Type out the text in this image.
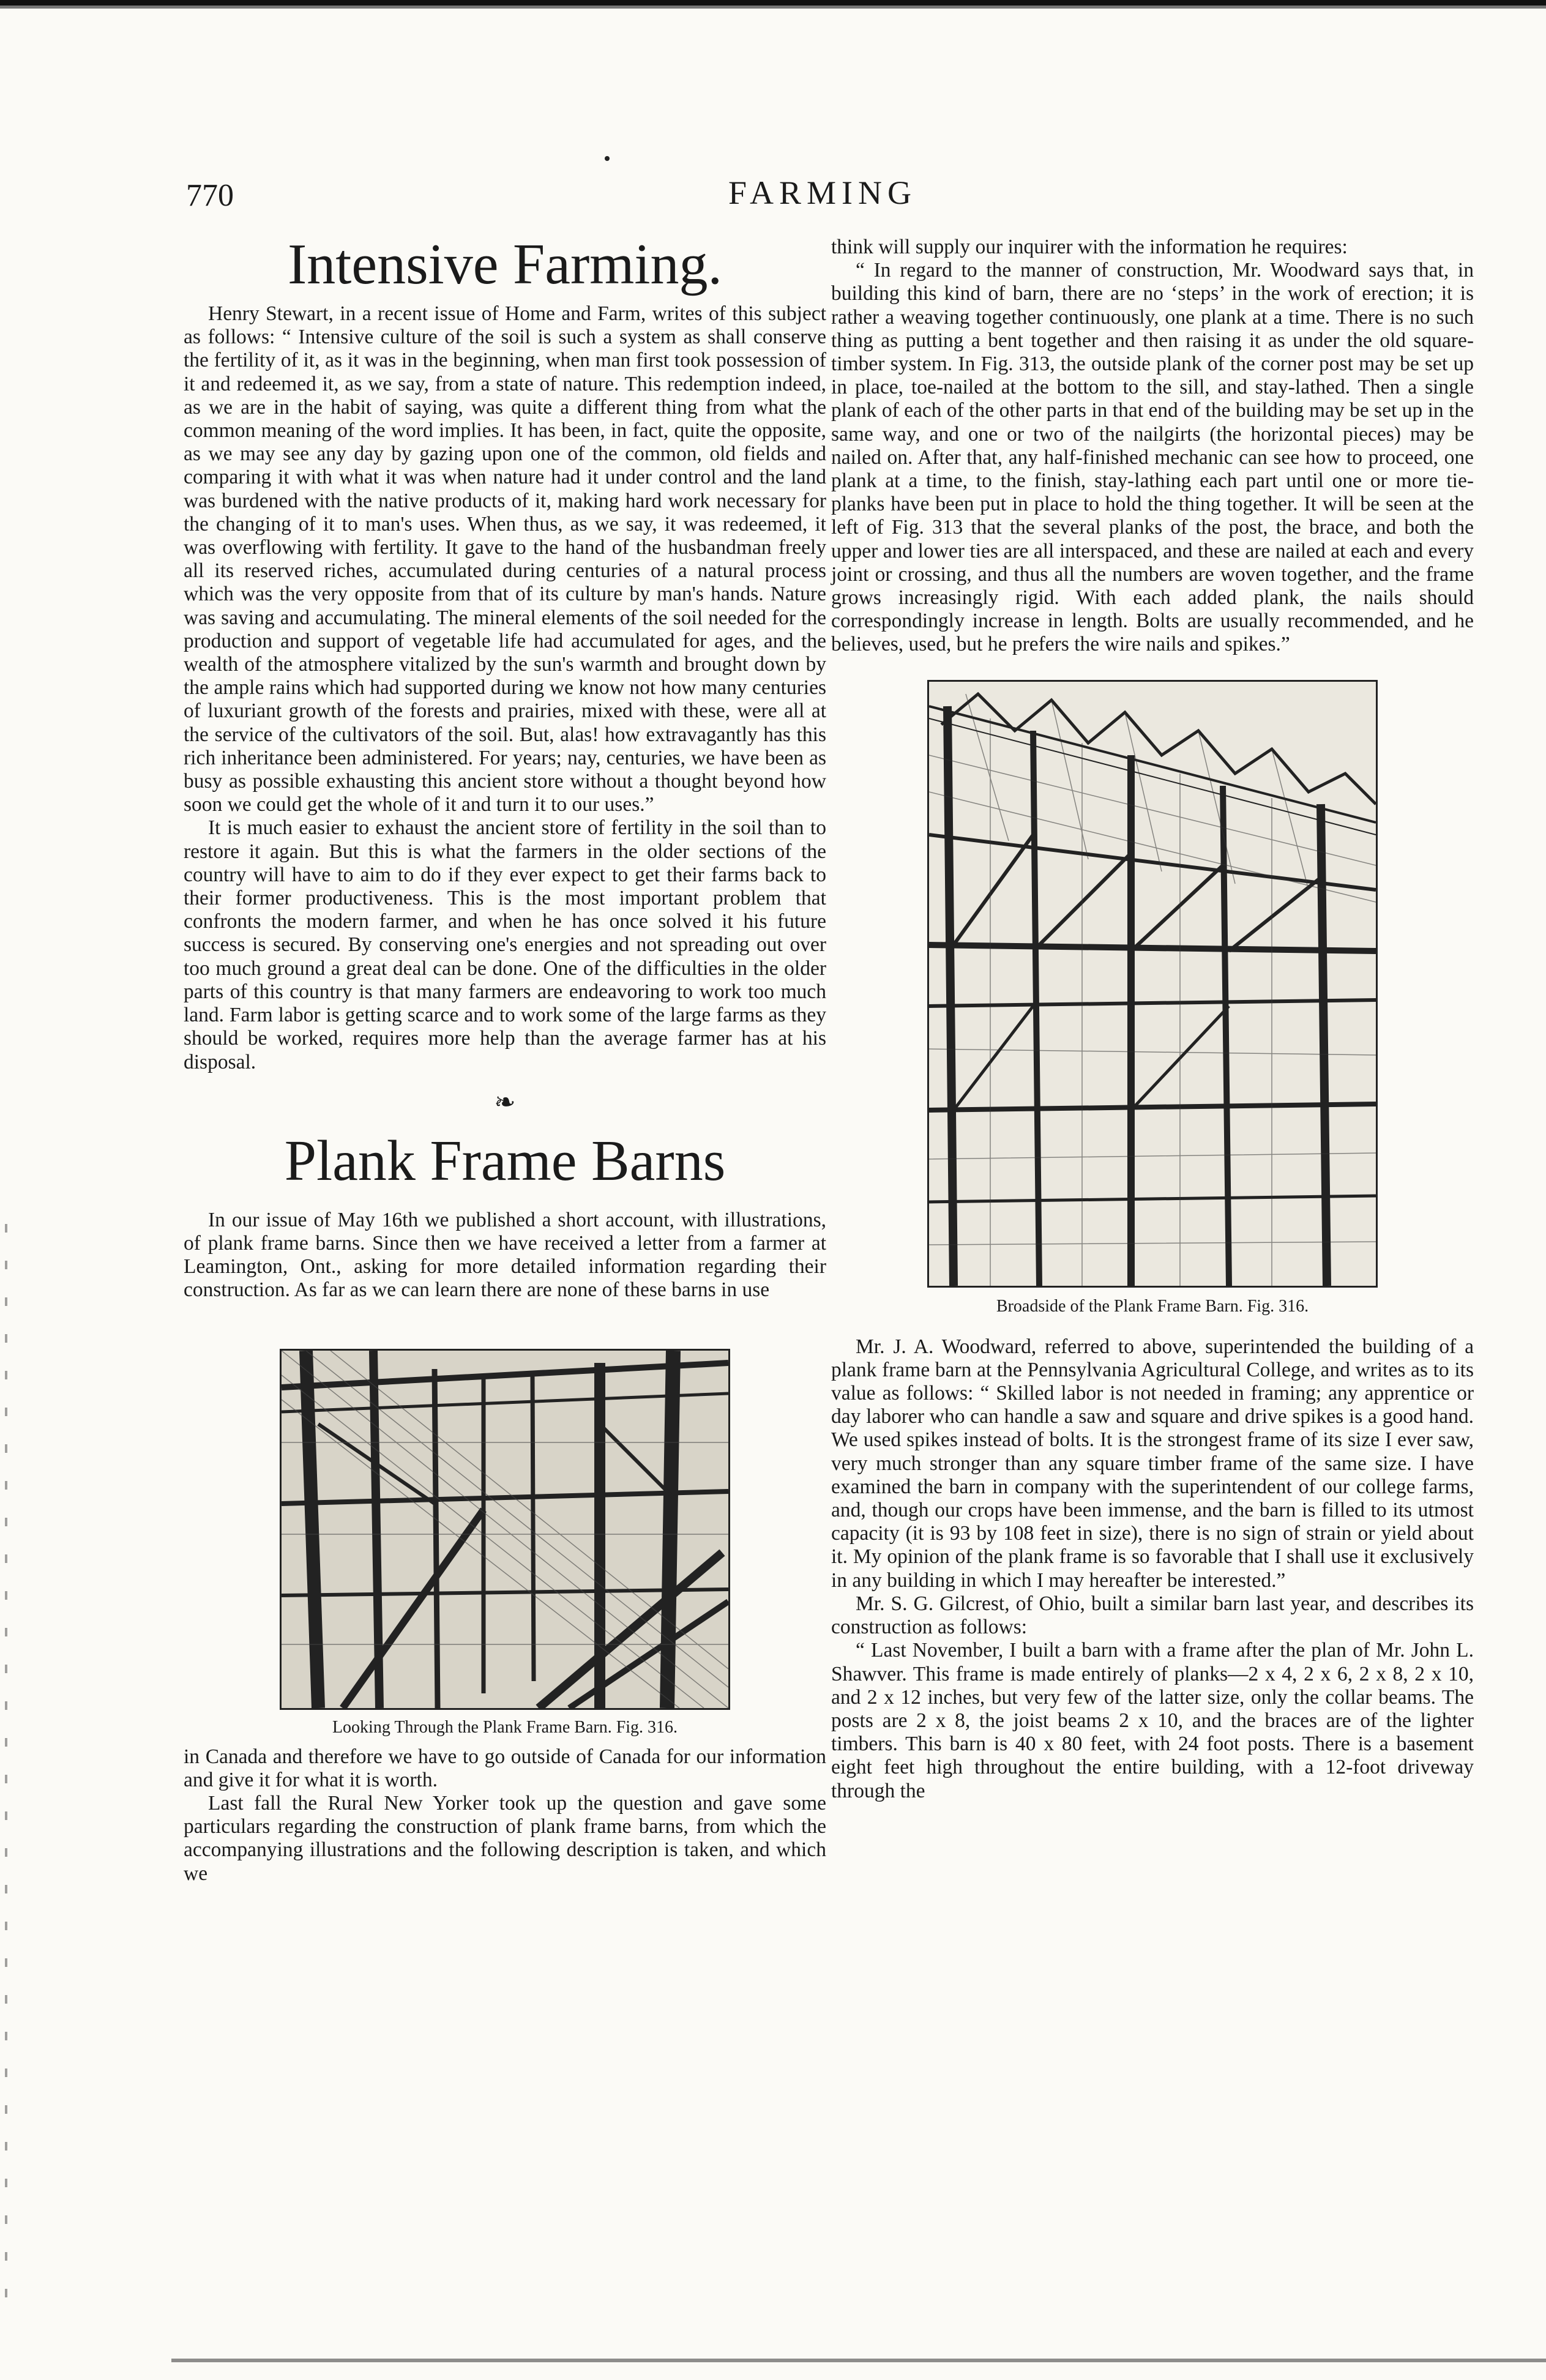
770	FARMING
Intensive Farming.

Henry Stewart, in a recent issue of Home and Farm, writes of this subject as follows: “ Intensive culture of the soil is such a system as shall conserve the fertility of it, as it was in the beginning, when man first took possession of it and redeemed it, as we say, from a state of nature. This redemption indeed, as we are in the habit of saying, was quite a different thing from what the common meaning of the word implies. It has been, in fact, quite the opposite, as we may see any day by gazing upon one of the common, old fields and comparing it with what it was when nature had it under control and the land was burdened with the native products of it, making hard work necessary for the changing of it to man's uses. When thus, as we say, it was redeemed, it was overflowing with fertility. It gave to the hand of the husbandman freely all its reserved riches, accumulated during centuries of a natural process which was the very opposite from that of its culture by man's hands. Nature was saving and accumulating. The mineral elements of the soil needed for the production and support of vegetable life had accumulated for ages, and the wealth of the atmosphere vitalized by the sun's warmth and brought down by the ample rains which had supported during we know not how many centuries of luxuriant growth of the forests and prairies, mixed with these, were all at the service of the cultivators of the soil. But, alas! how extravagantly has this rich inheritance been administered. For years; nay, centuries, we have been as busy as possible exhausting this ancient store without a thought beyond how soon we could get the whole of it and turn it to our uses.”

It is much easier to exhaust the ancient store of fertility in the soil than to restore it again. But this is what the farmers in the older sections of the country will have to aim to do if they ever expect to get their farms back to their former productiveness. This is the most important problem that confronts the modern farmer, and when he has once solved it his future success is secured. By conserving one's energies and not spreading out over too much ground a great deal can be done. One of the difficulties in the older parts of this country is that many farmers are endeavoring to work too much land. Farm labor is getting scarce and to work some of the large farms as they should be worked, requires more help than the average farmer has at his disposal.

❧
Plank Frame Barns

In our issue of May 16th we published a short account, with illustrations, of plank frame barns. Since then we have received a letter from a farmer at Leamington, Ont., asking for more detailed information regarding their construction. As far as we can learn there are none of these barns in use

Looking Through the Plank Frame Barn. Fig. 316.

in Canada and therefore we have to go outside of Canada for our information and give it for what it is worth.

Last fall the Rural New Yorker took up the question and gave some particulars regarding the construction of plank frame barns, from which the accompanying illustrations and the following description is taken, and which we

think will supply our inquirer with the information he requires:

“ In regard to the manner of construction, Mr. Woodward says that, in building this kind of barn, there are no ‘steps’ in the work of erection; it is rather a weaving together continuously, one plank at a time. There is no such thing as putting a bent together and then raising it as under the old square-timber system. In Fig. 313, the outside plank of the corner post may be set up in place, toe-nailed at the bottom to the sill, and stay-lathed. Then a single plank of each of the other parts in that end of the building may be set up in the same way, and one or two of the nailgirts (the horizontal pieces) may be nailed on. After that, any half-finished mechanic can see how to proceed, one plank at a time, to the finish, stay-lathing each part until one or more tie-planks have been put in place to hold the thing together. It will be seen at the left of Fig. 313 that the several planks of the post, the brace, and both the upper and lower ties are all interspaced, and these are nailed at each and every joint or crossing, and thus all the numbers are woven together, and the frame grows increasingly rigid. With each added plank, the nails should correspondingly increase in length. Bolts are usually recommended, and he believes, used, but he prefers the wire nails and spikes.”

Broadside of the Plank Frame Barn. Fig. 316.

Mr. J. A. Woodward, referred to above, superintended the building of a plank frame barn at the Pennsylvania Agricultural College, and writes as to its value as follows: “ Skilled labor is not needed in framing; any apprentice or day laborer who can handle a saw and square and drive spikes is a good hand. We used spikes instead of bolts. It is the strongest frame of its size I ever saw, very much stronger than any square timber frame of the same size. I have examined the barn in company with the superintendent of our college farms, and, though our crops have been immense, and the barn is filled to its utmost capacity (it is 93 by 108 feet in size), there is no sign of strain or yield about it. My opinion of the plank frame is so favorable that I shall use it exclusively in any building in which I may hereafter be interested.”

Mr. S. G. Gilcrest, of Ohio, built a similar barn last year, and describes its construction as follows:

“ Last November, I built a barn with a frame after the plan of Mr. John L. Shawver. This frame is made entirely of planks—2 x 4, 2 x 6, 2 x 8, 2 x 10, and 2 x 12 inches, but very few of the latter size, only the collar beams. The posts are 2 x 8, the joist beams 2 x 10, and the braces are of the lighter timbers. This barn is 40 x 80 feet, with 24 foot posts. There is a basement eight feet high throughout the entire building, with a 12-foot driveway through the
